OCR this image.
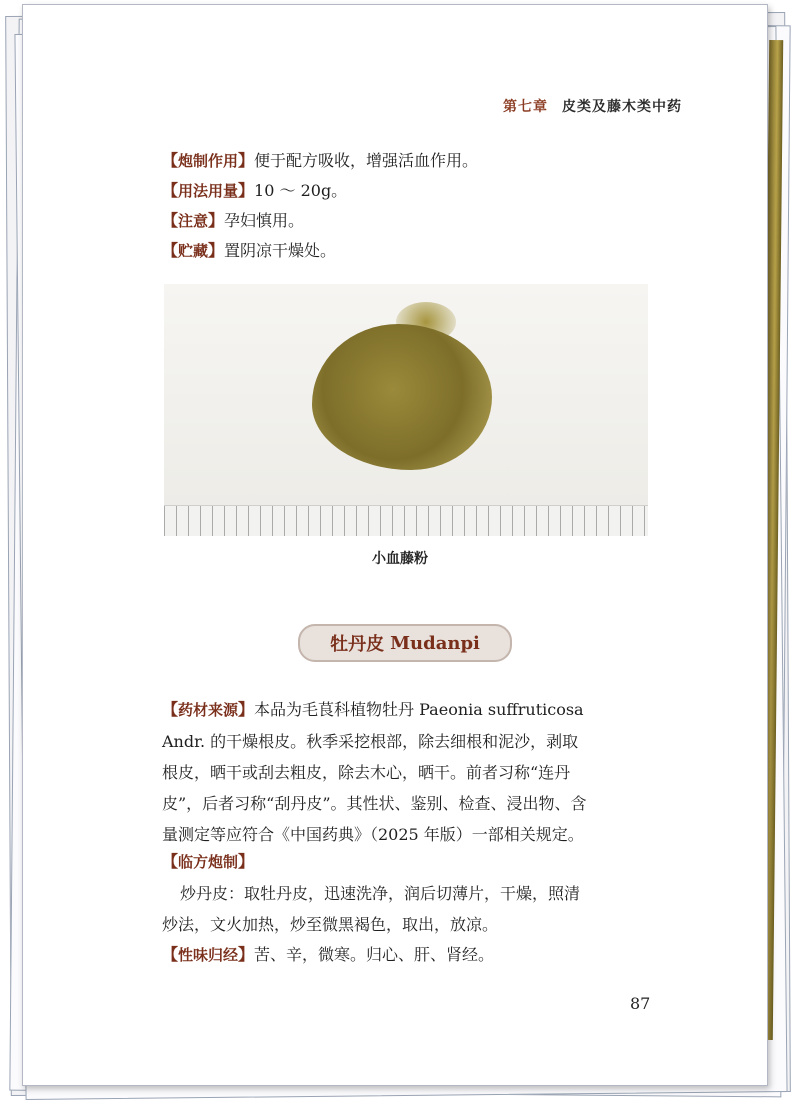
第七章 皮类及藤木类中药
【炮制作用】便于配方吸收，增强活血作用。
【用法用量】10 ～ 20g。
【注意】孕妇慎用。
【贮藏】置阴凉干燥处。
小血藤粉
牡丹皮 Mudanpi
【药材来源】本品为毛茛科植物牡丹 Paeonia suffruticosa
Andr. 的干燥根皮。秋季采挖根部，除去细根和泥沙，剥取
根皮，晒干或刮去粗皮，除去木心，晒干。前者习称“连丹
皮”，后者习称“刮丹皮”。其性状、鉴别、检查、浸出物、含
量测定等应符合《中国药典》（2025 年版）一部相关规定。
【临方炮制】
炒丹皮：取牡丹皮，迅速洗净，润后切薄片，干燥，照清
炒法，文火加热，炒至微黑褐色，取出，放凉。
【性味归经】苦、辛，微寒。归心、肝、肾经。
87
